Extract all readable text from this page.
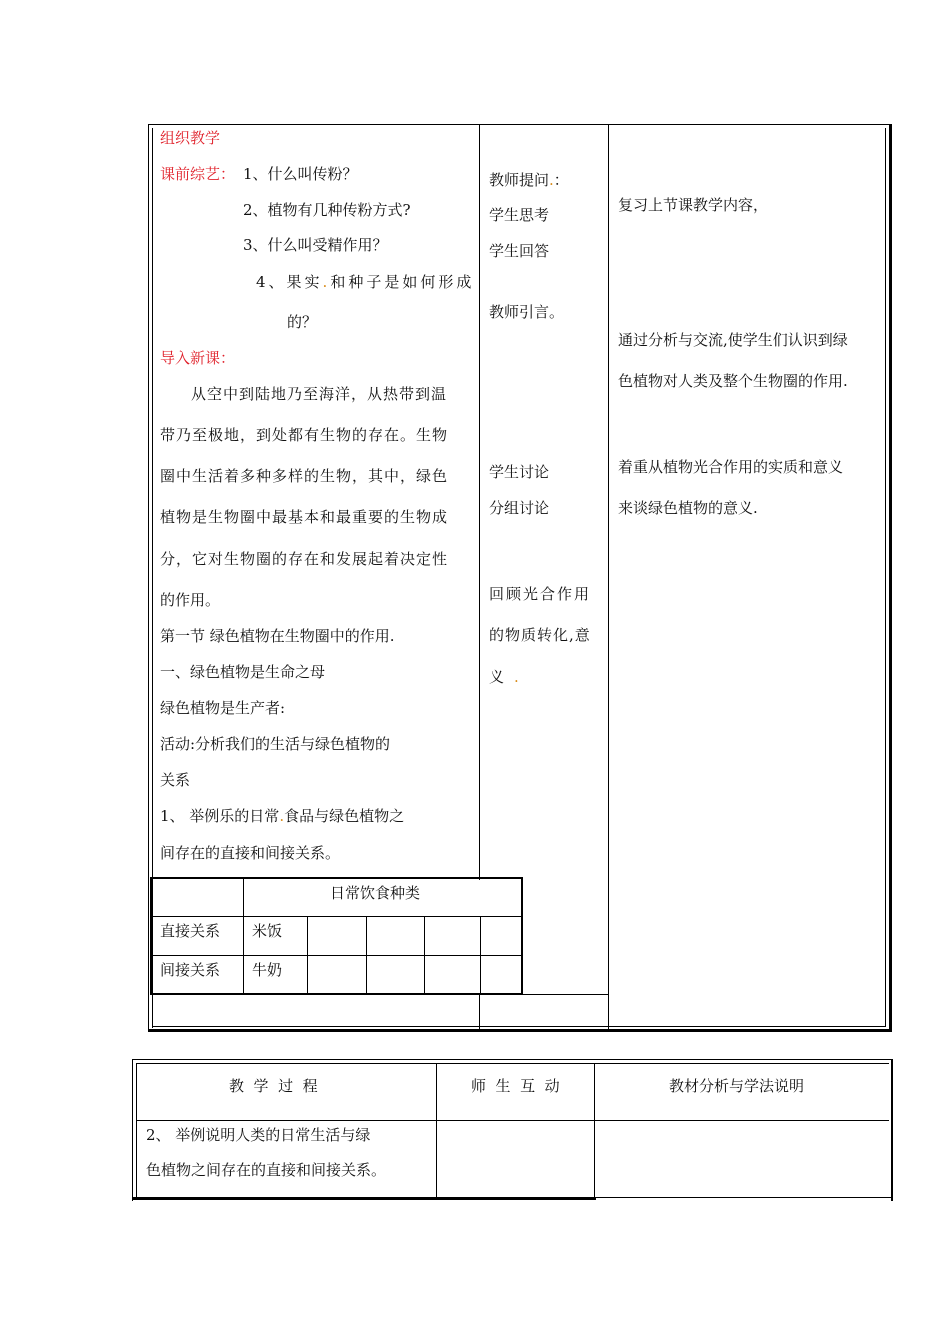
组织教学
课前综艺： 1、什么叫传粉？
2、植物有几种传粉方式?
3、什么叫受精作用？
4、果实.和种子是如何形成
的？
导入新课：
从空中到陆地乃至海洋，从热带到温
带乃至极地，到处都有生物的存在。生物
圈中生活着多种多样的生物，其中，绿色
植物是生物圈中最基本和最重要的生物成
分，它对生物圈的存在和发展起着决定性
的作用。
第一节 绿色植物在生物圈中的作用.
一、绿色植物是生命之母
绿色植物是生产者:
活动:分析我们的生活与绿色植物的
关系
1、 举例乐的日常.食品与绿色植物之
间存在的直接和间接关系。
教师提问.：
学生思考
学生回答
教师引言。
学生讨论
分组讨论
回顾光合作用
的物质转化,意
义 .
复习上节课教学内容，
通过分析与交流,使学生们认识到绿
色植物对人类及整个生物圈的作用.
着重从植物光合作用的实质和意义
来谈绿色植物的意义.
日常饮食种类
直接关系 米饭
间接关系 牛奶
教  学  过  程	师  生  互  动	教材分析与学法说明
2、 举例说明人类的日常生活与绿
色植物之间存在的直接和间接关系。
